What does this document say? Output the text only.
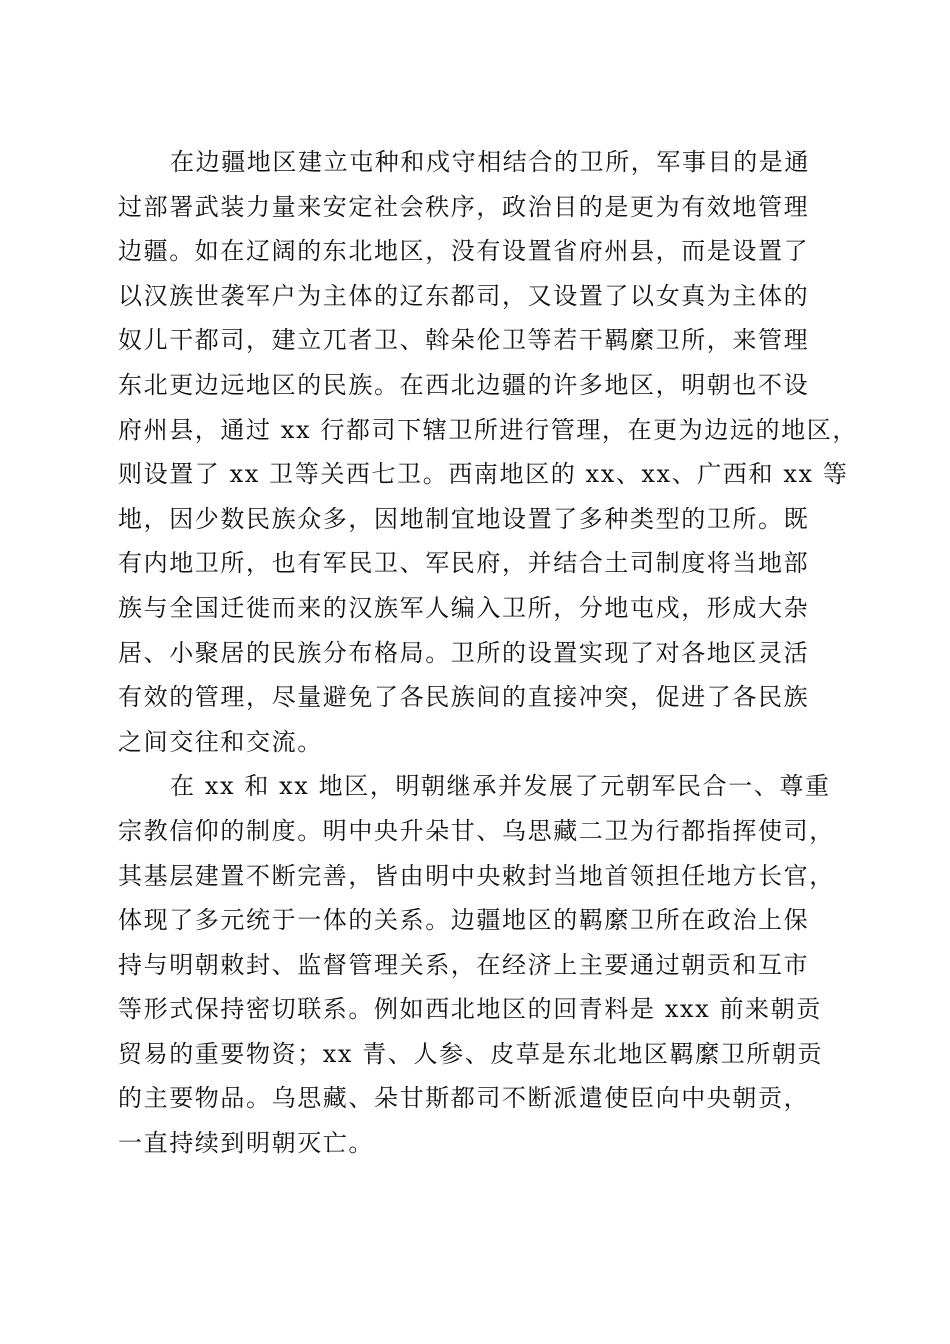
在边疆地区建立屯种和戍守相结合的卫所，军事目的是通
过部署武装力量来安定社会秩序，政治目的是更为有效地管理
边疆。如在辽阔的东北地区，没有设置省府州县，而是设置了
以汉族世袭军户为主体的辽东都司，又设置了以女真为主体的
奴儿干都司，建立兀者卫、斡朵伦卫等若干羁縻卫所，来管理
东北更边远地区的民族。在西北边疆的许多地区，明朝也不设
府州县，通过 xx 行都司下辖卫所进行管理，在更为边远的地区，
则设置了 xx 卫等关西七卫。西南地区的 xx、xx、广西和 xx 等
地，因少数民族众多，因地制宜地设置了多种类型的卫所。既
有内地卫所，也有军民卫、军民府，并结合土司制度将当地部
族与全国迁徙而来的汉族军人编入卫所，分地屯戍，形成大杂
居、小聚居的民族分布格局。卫所的设置实现了对各地区灵活
有效的管理，尽量避免了各民族间的直接冲突，促进了各民族
之间交往和交流。
在 xx 和 xx 地区，明朝继承并发展了元朝军民合一、尊重
宗教信仰的制度。明中央升朵甘、乌思藏二卫为行都指挥使司，
其基层建置不断完善，皆由明中央敕封当地首领担任地方长官，
体现了多元统于一体的关系。边疆地区的羁縻卫所在政治上保
持与明朝敕封、监督管理关系，在经济上主要通过朝贡和互市
等形式保持密切联系。例如西北地区的回青料是 xxx 前来朝贡
贸易的重要物资；xx 青、人参、皮草是东北地区羁縻卫所朝贡
的主要物品。乌思藏、朵甘斯都司不断派遣使臣向中央朝贡，
一直持续到明朝灭亡。
